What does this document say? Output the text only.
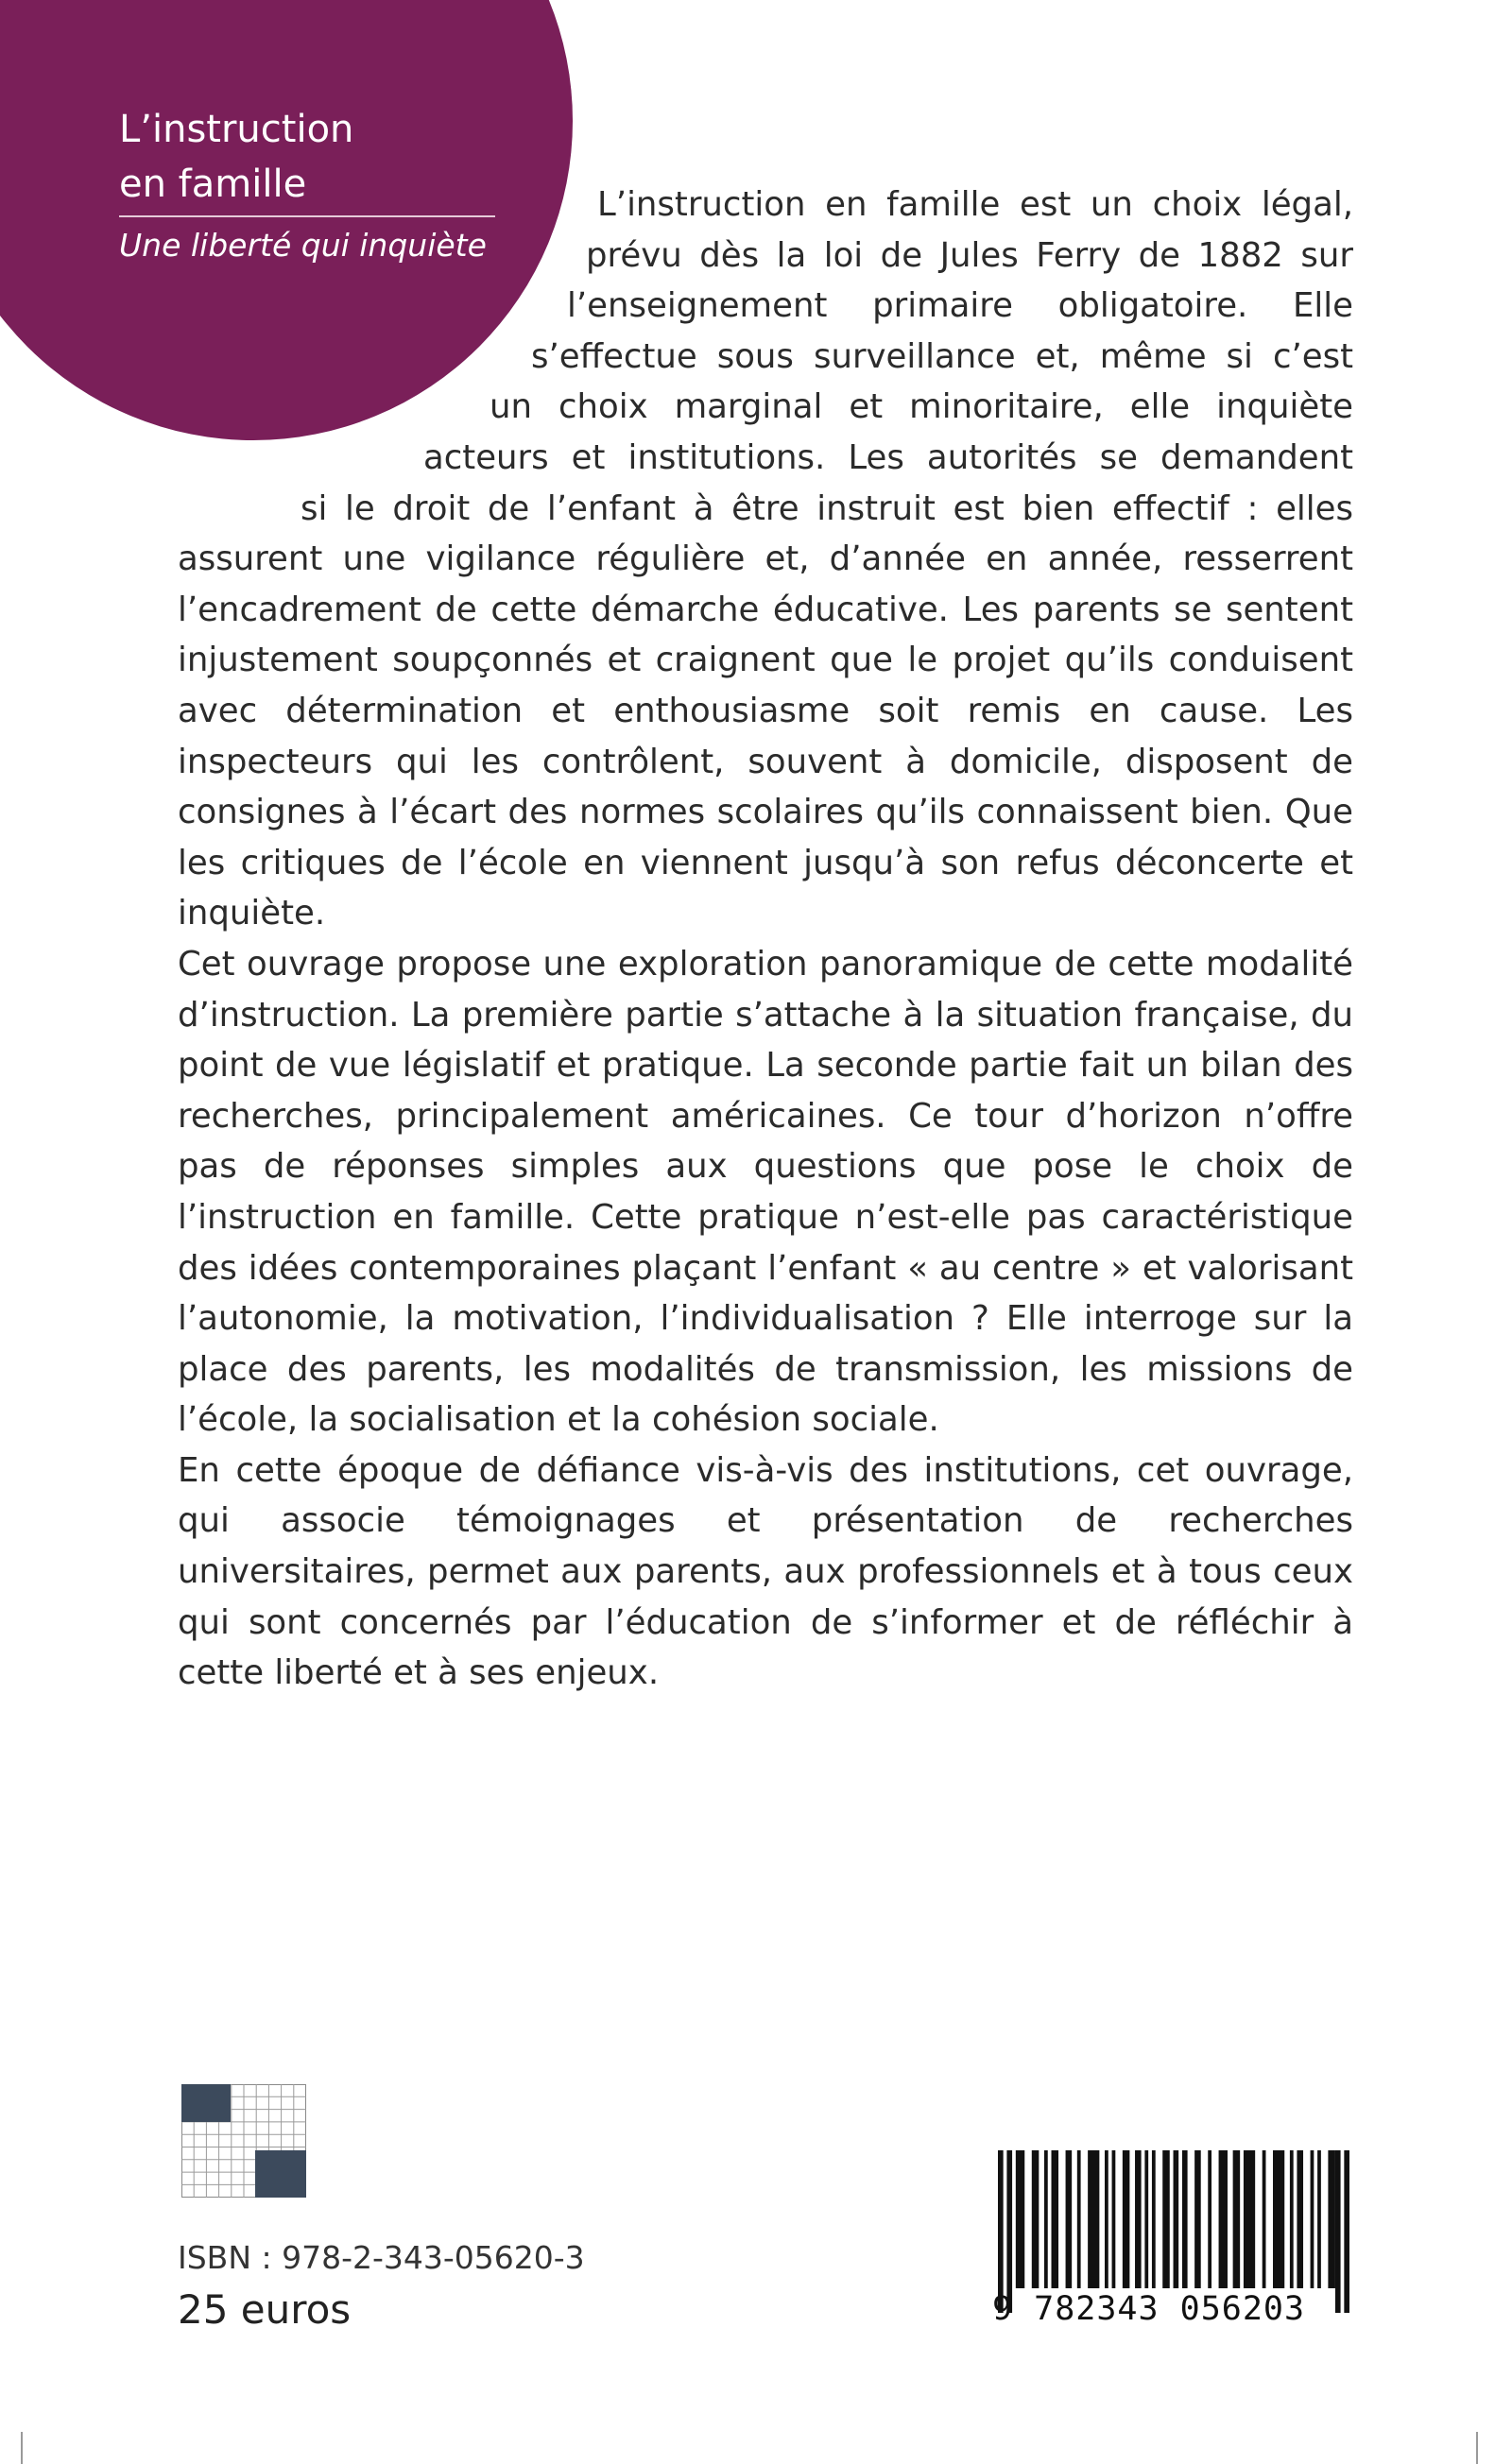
L’instruction
en famille

Une liberté qui inquiète

L’instruction en famille est un choix légal,
prévu dès la loi de Jules Ferry de 1882 sur
l’enseignement primaire obligatoire. Elle
s’effectue sous surveillance et, même si c’est
un choix marginal et minoritaire, elle inquiète
acteurs et institutions. Les autorités se demandent
si le droit de l’enfant à être instruit est bien effectif : elles

assurent une vigilance régulière et, d’année en année, resserrent l’encadrement de cette démarche éducative. Les parents se sentent injustement soupçonnés et craignent que le projet qu’ils conduisent avec détermination et enthousiasme soit remis en cause. Les inspecteurs qui les contrôlent, souvent à domicile, disposent de consignes à l’écart des normes scolaires qu’ils connaissent bien. Que les critiques de l’école en viennent jusqu’à son refus déconcerte et inquiète.

Cet ouvrage propose une exploration panoramique de cette modalité d’instruction. La première partie s’attache à la situation française, du point de vue législatif et pratique. La seconde partie fait un bilan des recherches, principalement américaines. Ce tour d’horizon n’offre pas de réponses simples aux questions que pose le choix de l’instruction en famille. Cette pratique n’est-elle pas caractéristique des idées contemporaines plaçant l’enfant « au centre » et valorisant l’autonomie, la motivation, l’individualisation ? Elle interroge sur la place des parents, les modalités de transmission, les missions de l’école, la socialisation et la cohésion sociale.

En cette époque de défiance vis-à-vis des institutions, cet ouvrage, qui associe témoignages et présentation de recherches universitaires, permet aux parents, aux professionnels et à tous ceux qui sont concernés par l’éducation de s’informer et de réfléchir à cette liberté et à ses enjeux.

ISBN : 978-2-343-05620-3

25 euros	9 782343 056203
